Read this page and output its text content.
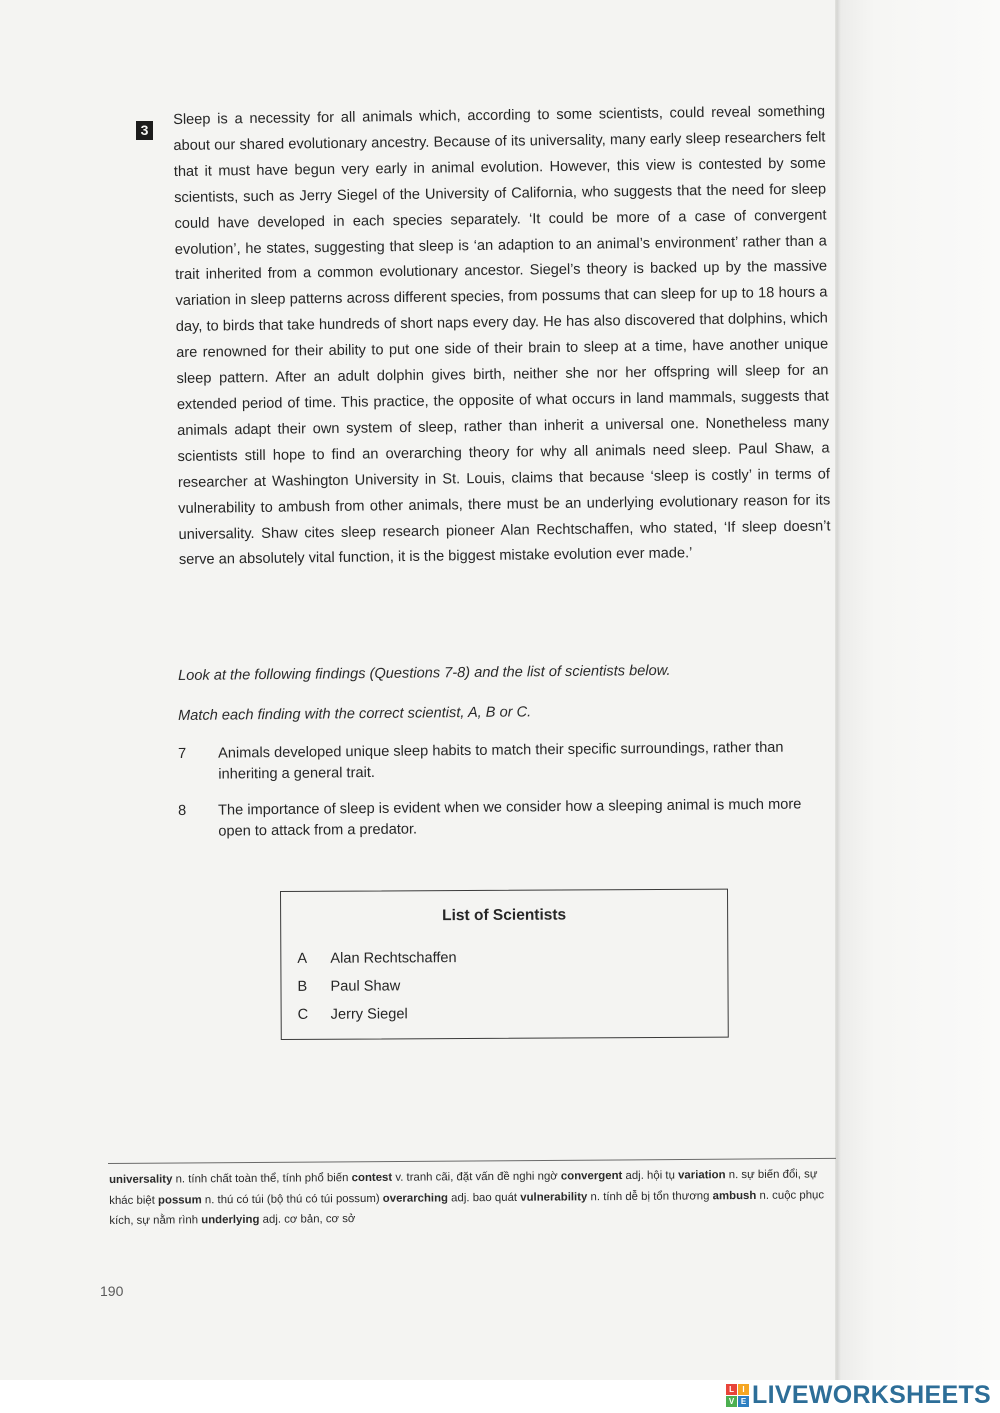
3

Sleep is a necessity for all animals which, according to some scientists, could reveal something about our shared evolutionary ancestry. Because of its universality, many early sleep researchers felt that it must have begun very early in animal evolution. However, this view is contested by some scientists, such as Jerry Siegel of the University of California, who suggests that the need for sleep could have developed in each species separately. ‘It could be more of a case of convergent evolution’, he states, suggesting that sleep is ‘an adaption to an animal’s environment’ rather than a trait inherited from a common evolutionary ancestor. Siegel’s theory is backed up by the massive variation in sleep patterns across different species, from possums that can sleep for up to 18 hours a day, to birds that take hundreds of short naps every day. He has also discovered that dolphins, which are renowned for their ability to put one side of their brain to sleep at a time, have another unique sleep pattern. After an adult dolphin gives birth, neither she nor her offspring will sleep for an extended period of time. This practice, the opposite of what occurs in land mammals, suggests that animals adapt their own system of sleep, rather than inherit a universal one. Nonetheless many scientists still hope to find an overarching theory for why all animals need sleep. Paul Shaw, a researcher at Washington University in St. Louis, claims that because ‘sleep is costly’ in terms of vulnerability to ambush from other animals, there must be an underlying evolutionary reason for its universality. Shaw cites sleep research pioneer Alan Rechtschaffen, who stated, ‘If sleep doesn’t serve an absolutely vital function, it is the biggest mistake evolution ever made.’

Look at the following findings (Questions 7-8) and the list of scientists below.
Match each finding with the correct scientist, A, B or C.
7	Animals developed unique sleep habits to match their specific surroundings, rather than inheriting a general trait.
8	The importance of sleep is evident when we consider how a sleeping animal is much more open to attack from a predator.
List of Scientists
A Alan Rechtschaffen
B Paul Shaw
C Jerry Siegel
universality n. tính chất toàn thể, tính phổ biến contest v. tranh cãi, đặt vấn đề nghi ngờ convergent adj. hội tụ variation n. sự biến đổi, sự khác biệt possum n. thú có túi (bộ thú có túi possum) overarching adj. bao quát vulnerability n. tính dễ bị tổn thương ambush n. cuộc phục kích, sự nằm rình underlying adj. cơ bản, cơ sở
190
L	I
V E LIVEWORKSHEETS
